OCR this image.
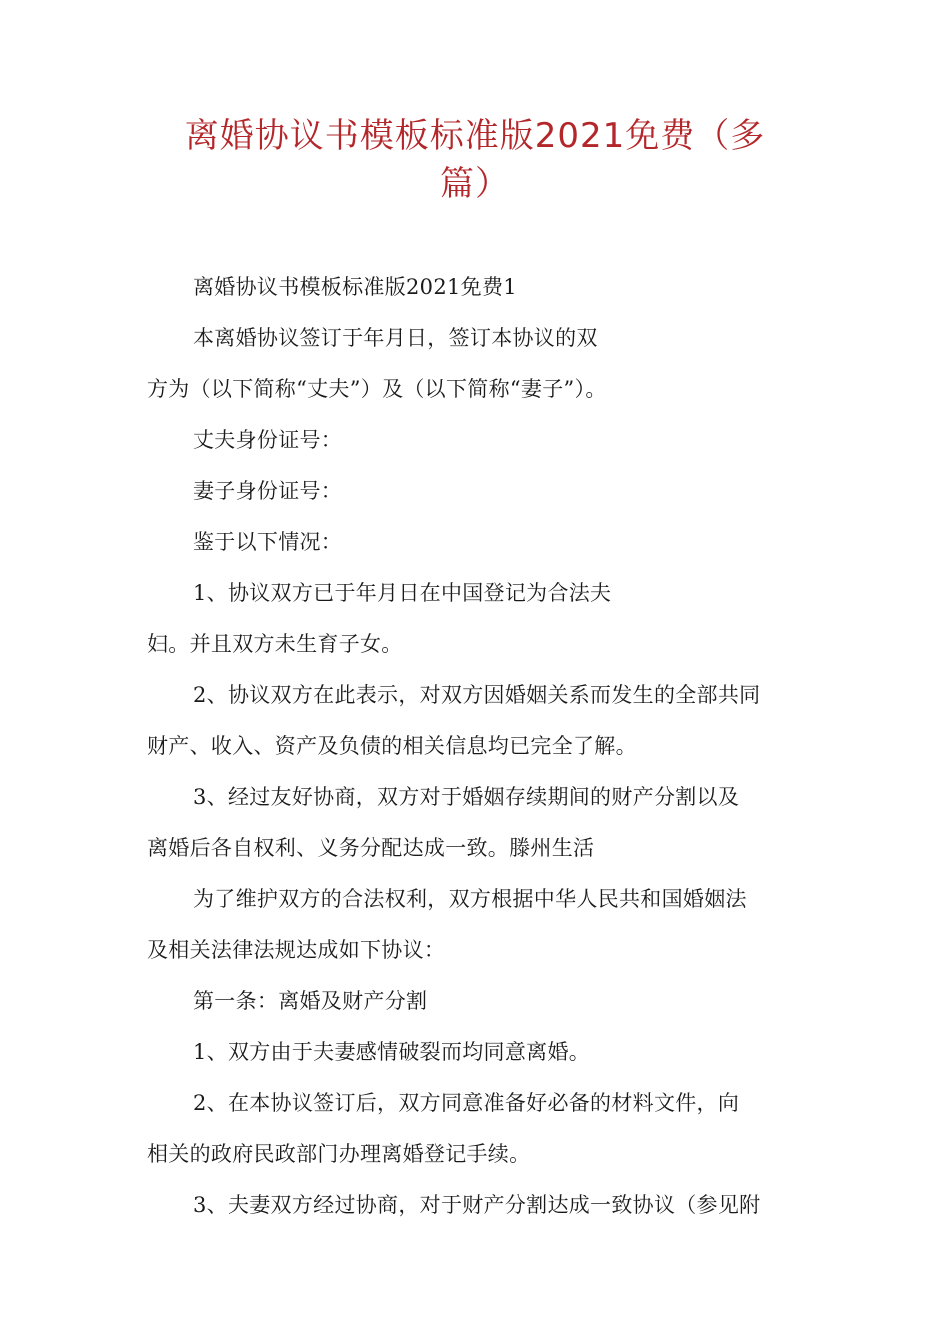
离婚协议书模板标准版2021免费（多
篇）
离婚协议书模板标准版2021免费1
本离婚协议签订于年月日，签订本协议的双
方为（以下简称“丈夫”）及（以下简称“妻子”）。
丈夫身份证号：
妻子身份证号：
鉴于以下情况：
1、协议双方已于年月日在中国登记为合法夫
妇。并且双方未生育子女。
2、协议双方在此表示，对双方因婚姻关系而发生的全部共同
财产、收入、资产及负债的相关信息均已完全了解。
3、经过友好协商，双方对于婚姻存续期间的财产分割以及
离婚后各自权利、义务分配达成一致。滕州生活
为了维护双方的合法权利，双方根据中华人民共和国婚姻法
及相关法律法规达成如下协议：
第一条：离婚及财产分割
1、双方由于夫妻感情破裂而均同意离婚。
2、在本协议签订后，双方同意准备好必备的材料文件，向
相关的政府民政部门办理离婚登记手续。
3、夫妻双方经过协商，对于财产分割达成一致协议（参见附
